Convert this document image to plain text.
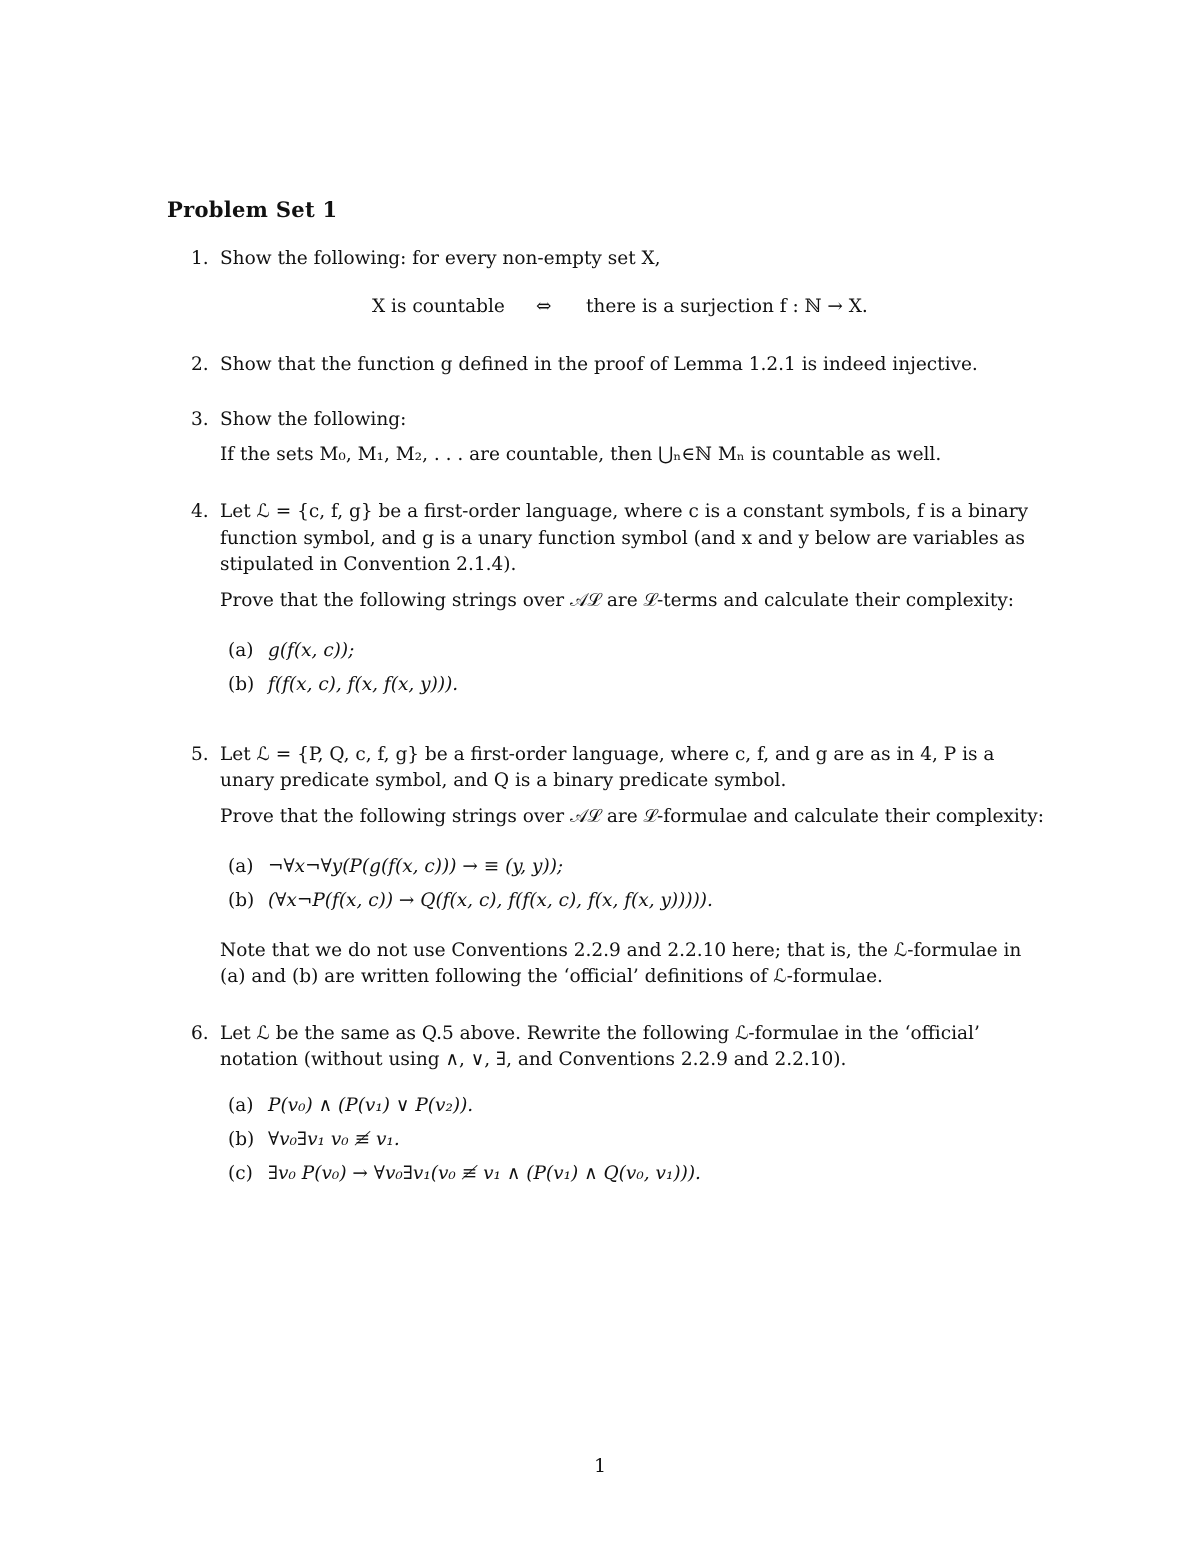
Problem Set 1
1. Show the following: for every non-empty set X,
X is countable ⇔ there is a surjection f : ℕ → X.
2. Show that the function g defined in the proof of Lemma 1.2.1 is indeed injective.
3. Show the following:
If the sets M₀, M₁, M₂, . . . are countable, then ⋃ₙ∈ℕ Mₙ is countable as well.
4. Let ℒ = {c, f, g} be a first-order language, where c is a constant symbols, f is a binary
function symbol, and g is a unary function symbol (and x and y below are variables as
stipulated in Convention 2.1.4).
Prove that the following strings over 𝒜ℒ are ℒ-terms and calculate their complexity:
(a) g(f(x, c));
(b) f(f(x, c), f(x, f(x, y))).
5. Let ℒ = {P, Q, c, f, g} be a first-order language, where c, f, and g are as in 4, P is a
unary predicate symbol, and Q is a binary predicate symbol.
Prove that the following strings over 𝒜ℒ are ℒ-formulae and calculate their complexity:
(a) ¬∀x¬∀y(P(g(f(x, c))) → ≡ (y, y));
(b) (∀x¬P(f(x, c)) → Q(f(x, c), f(f(x, c), f(x, f(x, y))))).
Note that we do not use Conventions 2.2.9 and 2.2.10 here; that is, the ℒ-formulae in
(a) and (b) are written following the ‘official’ definitions of ℒ-formulae.
6. Let ℒ be the same as Q.5 above. Rewrite the following ℒ-formulae in the ‘official’
notation (without using ∧, ∨, ∃, and Conventions 2.2.9 and 2.2.10).
(a) P(v₀) ∧ (P(v₁) ∨ P(v₂)).
(b) ∀v₀∃v₁ v₀ ≢ v₁.
(c) ∃v₀ P(v₀) → ∀v₀∃v₁(v₀ ≢ v₁ ∧ (P(v₁) ∧ Q(v₀, v₁))).
1
